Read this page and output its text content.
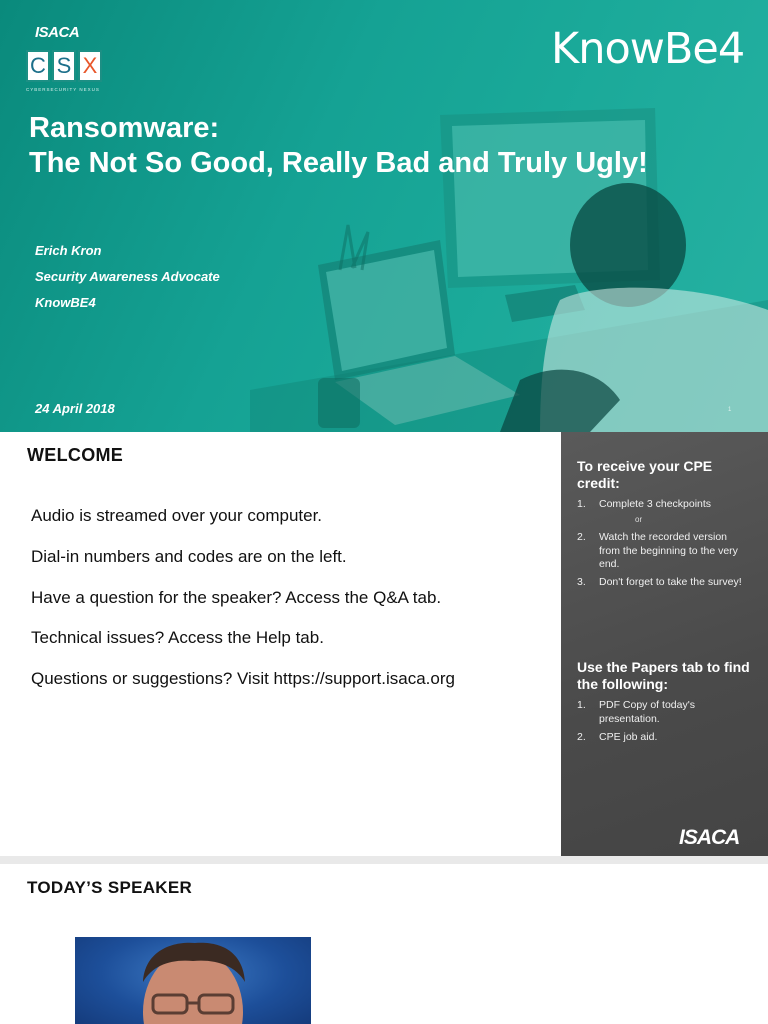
ISACA
C S X
CYBERSECURITY NEXUS
KnowBe4
Ransomware:
The Not So Good, Really Bad and Truly Ugly!
Erich Kron
Security Awareness Advocate
KnowBE4
24 April 2018	1
WELCOME
Audio is streamed over your computer.
Dial-in numbers and codes are on the left.
Have a question for the speaker? Access the Q&A tab.
Technical issues? Access the Help tab.
Questions or suggestions? Visit https://support.isaca.org
To receive your CPE credit:
1.	Complete 3 checkpoints
or
2.	Watch the recorded version from the beginning to the very end.
3.	Don't forget to take the survey!
Use the Papers tab to find the following:
1.	PDF Copy of today's presentation.
2.	CPE job aid.
ISACA
TODAY’S SPEAKER
